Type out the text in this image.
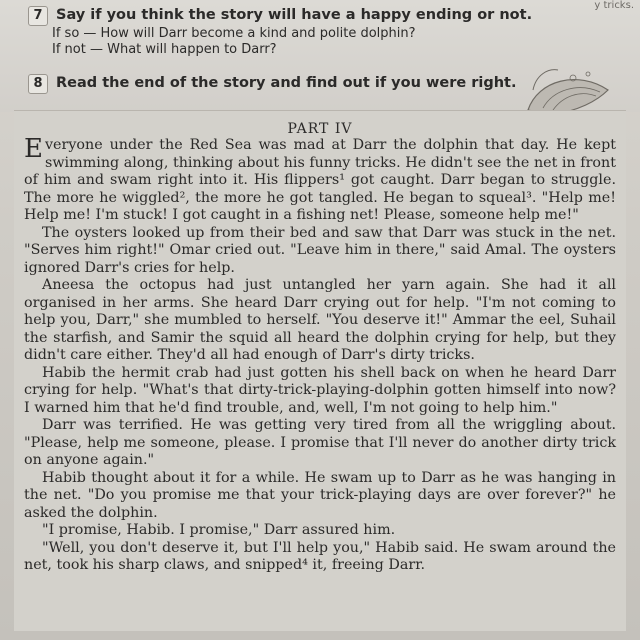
y tricks.
7 Say if you think the story will have a happy ending or not.
If so — How will Darr become a kind and polite dolphin?
If not — What will happen to Darr?
8 Read the end of the story and find out if you were right.
PART IV

Everyone under the Red Sea was mad at Darr the dolphin that day. He kept swimming along, thinking about his funny tricks. He didn't see the net in front of him and swam right into it. His flippers¹ got caught. Darr began to struggle. The more he wiggled², the more he got tangled. He began to squeal³. "Help me! Help me! I'm stuck! I got caught in a fishing net! Please, someone help me!"

The oysters looked up from their bed and saw that Darr was stuck in the net. "Serves him right!" Omar cried out. "Leave him in there," said Amal. The oysters ignored Darr's cries for help.

Aneesa the octopus had just untangled her yarn again. She had it all organised in her arms. She heard Darr crying out for help. "I'm not coming to help you, Darr," she mumbled to herself. "You deserve it!" Ammar the eel, Suhail the starfish, and Samir the squid all heard the dolphin crying for help, but they didn't care either. They'd all had enough of Darr's dirty tricks.

Habib the hermit crab had just gotten his shell back on when he heard Darr crying for help. "What's that dirty-trick-playing-dolphin gotten himself into now? I warned him that he'd find trouble, and, well, I'm not going to help him."

Darr was terrified. He was getting very tired from all the wriggling about. "Please, help me someone, please. I promise that I'll never do another dirty trick on anyone again."

Habib thought about it for a while. He swam up to Darr as he was hanging in the net. "Do you promise me that your trick-playing days are over forever?" he asked the dolphin.

"I promise, Habib. I promise," Darr assured him.

"Well, you don't deserve it, but I'll help you," Habib said. He swam around the net, took his sharp claws, and snipped⁴ it, freeing Darr.
